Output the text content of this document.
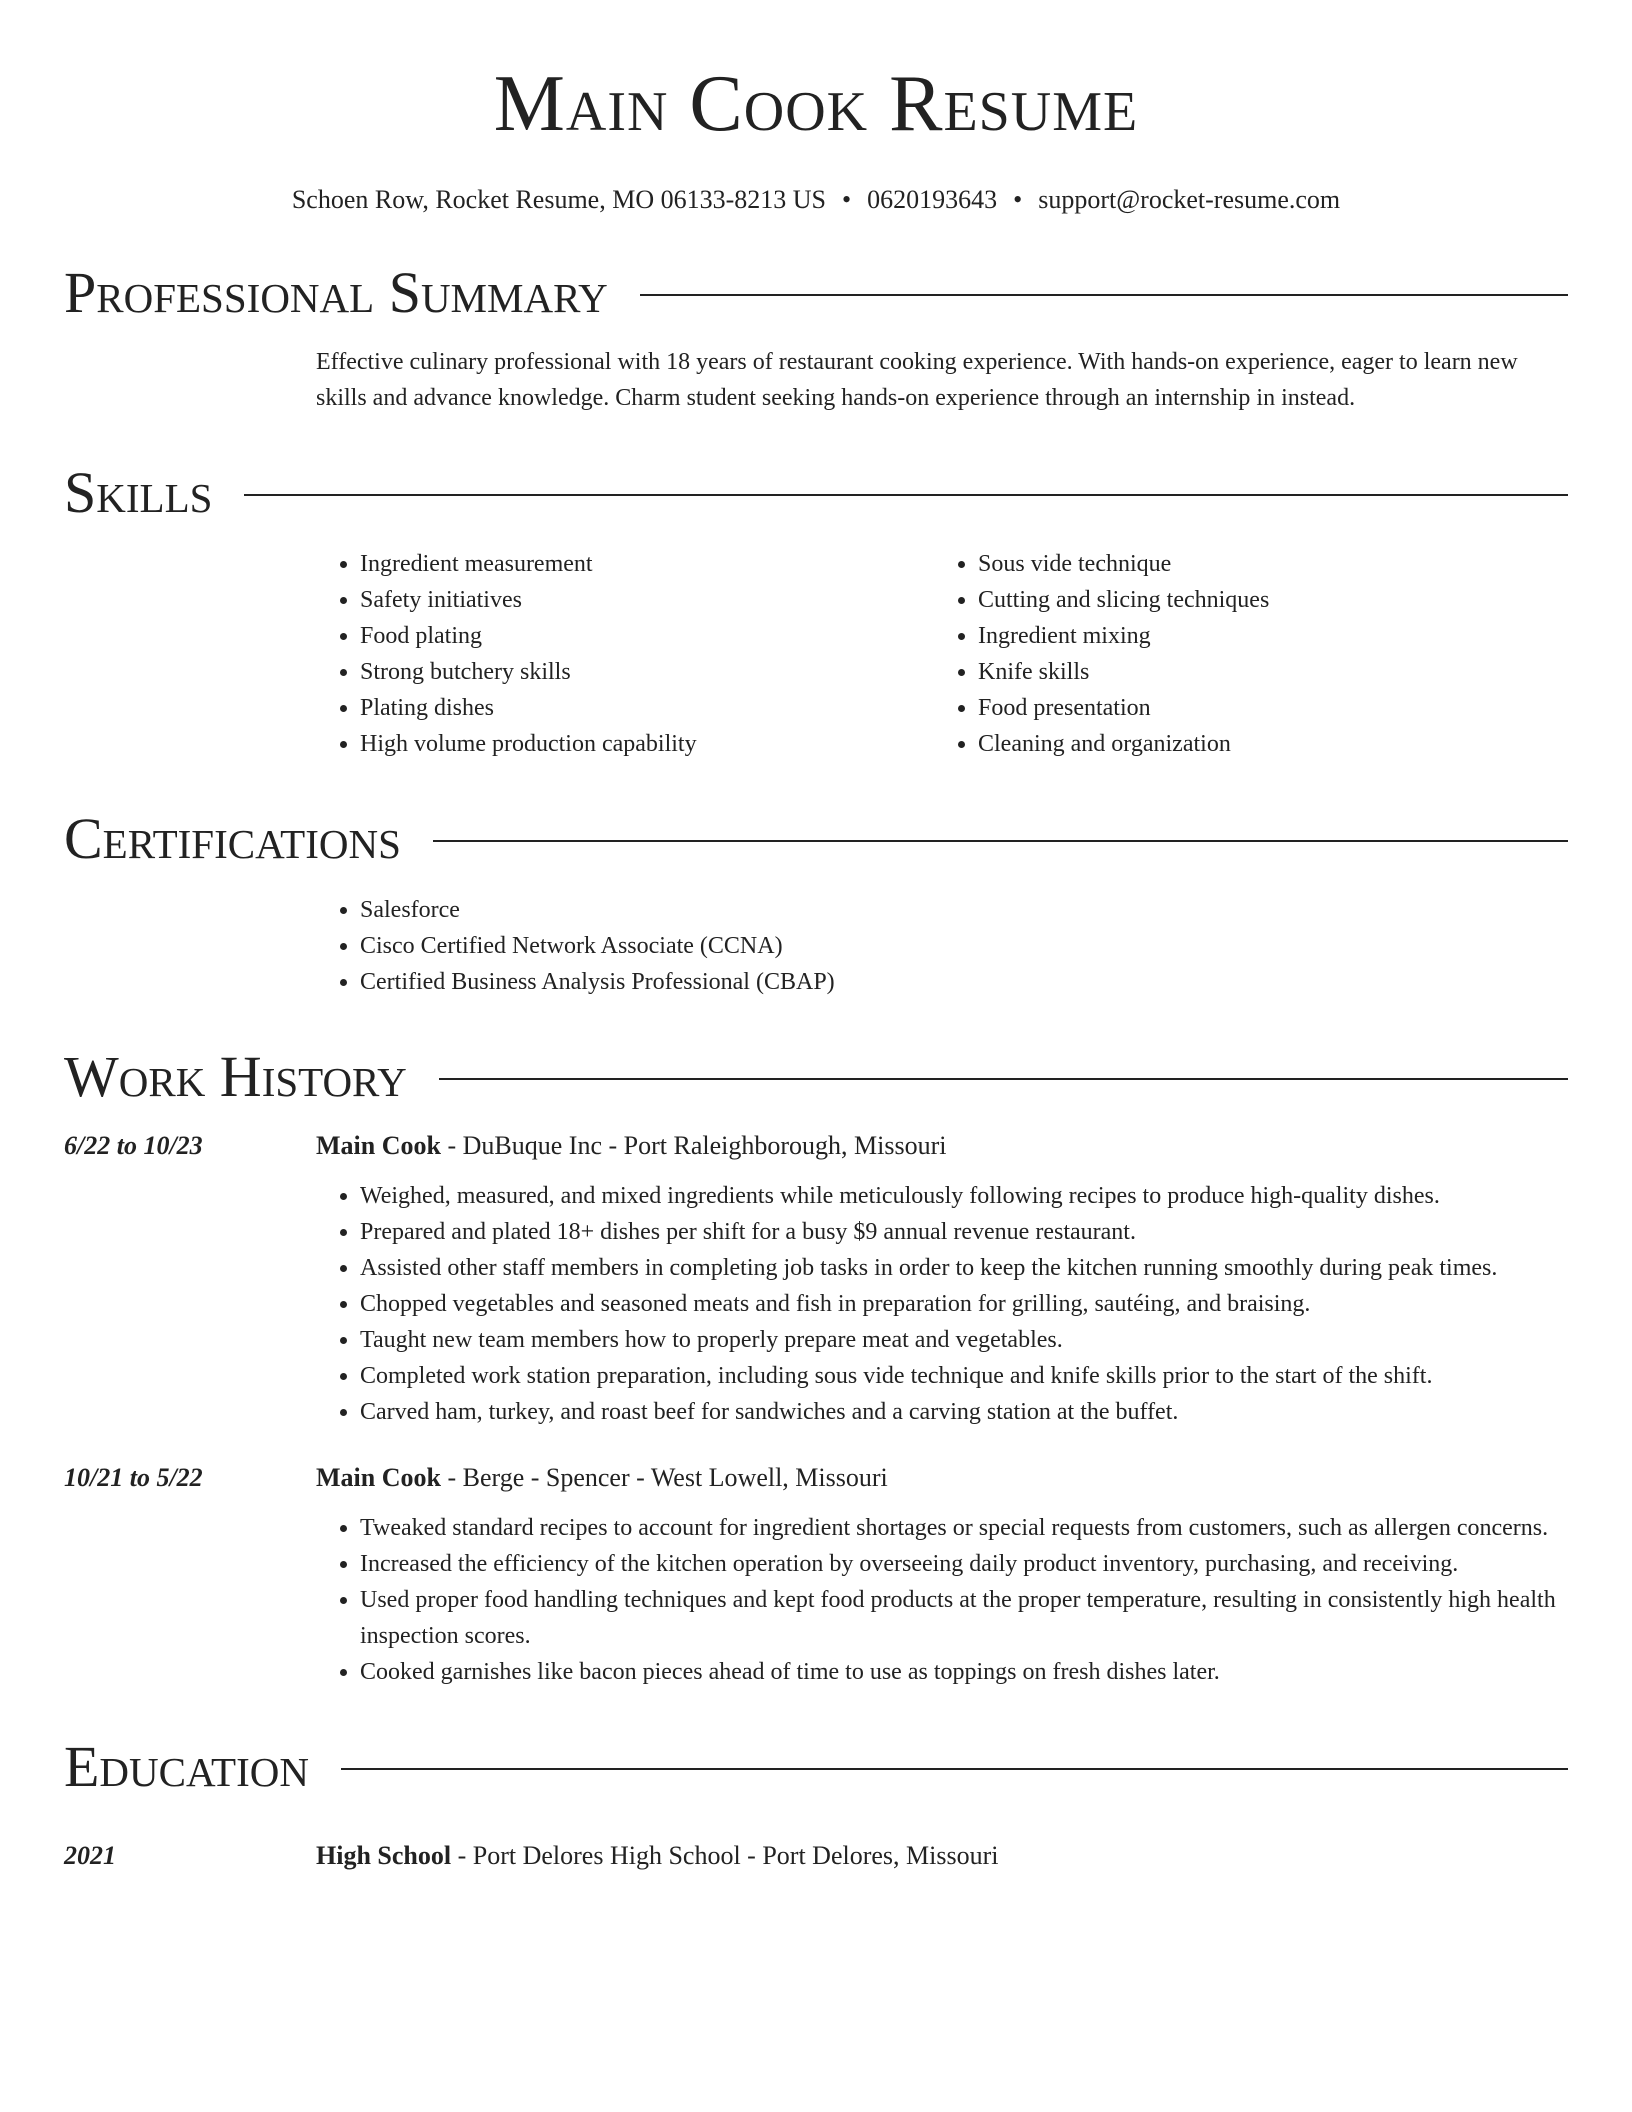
Main Cook Resume
Schoen Row, Rocket Resume, MO 06133-8213 US • 0620193643 • support@rocket-resume.com
Professional Summary
Effective culinary professional with 18 years of restaurant cooking experience. With hands-on experience, eager to learn new skills and advance knowledge. Charm student seeking hands-on experience through an internship in instead.
Skills
• Ingredient measurement
• Safety initiatives
• Food plating
• Strong butchery skills
• Plating dishes
• High volume production capability
• Sous vide technique
• Cutting and slicing techniques
• Ingredient mixing
• Knife skills
• Food presentation
• Cleaning and organization
Certifications
• Salesforce
• Cisco Certified Network Associate (CCNA)
• Certified Business Analysis Professional (CBAP)
Work History
6/22 to 10/23	Main Cook - DuBuque Inc - Port Raleighborough, Missouri
• Weighed, measured, and mixed ingredients while meticulously following recipes to produce high-quality dishes.
• Prepared and plated 18+ dishes per shift for a busy $9 annual revenue restaurant.
• Assisted other staff members in completing job tasks in order to keep the kitchen running smoothly during peak times.
• Chopped vegetables and seasoned meats and fish in preparation for grilling, sautéing, and braising.
• Taught new team members how to properly prepare meat and vegetables.
• Completed work station preparation, including sous vide technique and knife skills prior to the start of the shift.
• Carved ham, turkey, and roast beef for sandwiches and a carving station at the buffet.
10/21 to 5/22	Main Cook - Berge - Spencer - West Lowell, Missouri
• Tweaked standard recipes to account for ingredient shortages or special requests from customers, such as allergen concerns.
• Increased the efficiency of the kitchen operation by overseeing daily product inventory, purchasing, and receiving.
• Used proper food handling techniques and kept food products at the proper temperature, resulting in consistently high health inspection scores.
• Cooked garnishes like bacon pieces ahead of time to use as toppings on fresh dishes later.
Education
2021	High School - Port Delores High School - Port Delores, Missouri
